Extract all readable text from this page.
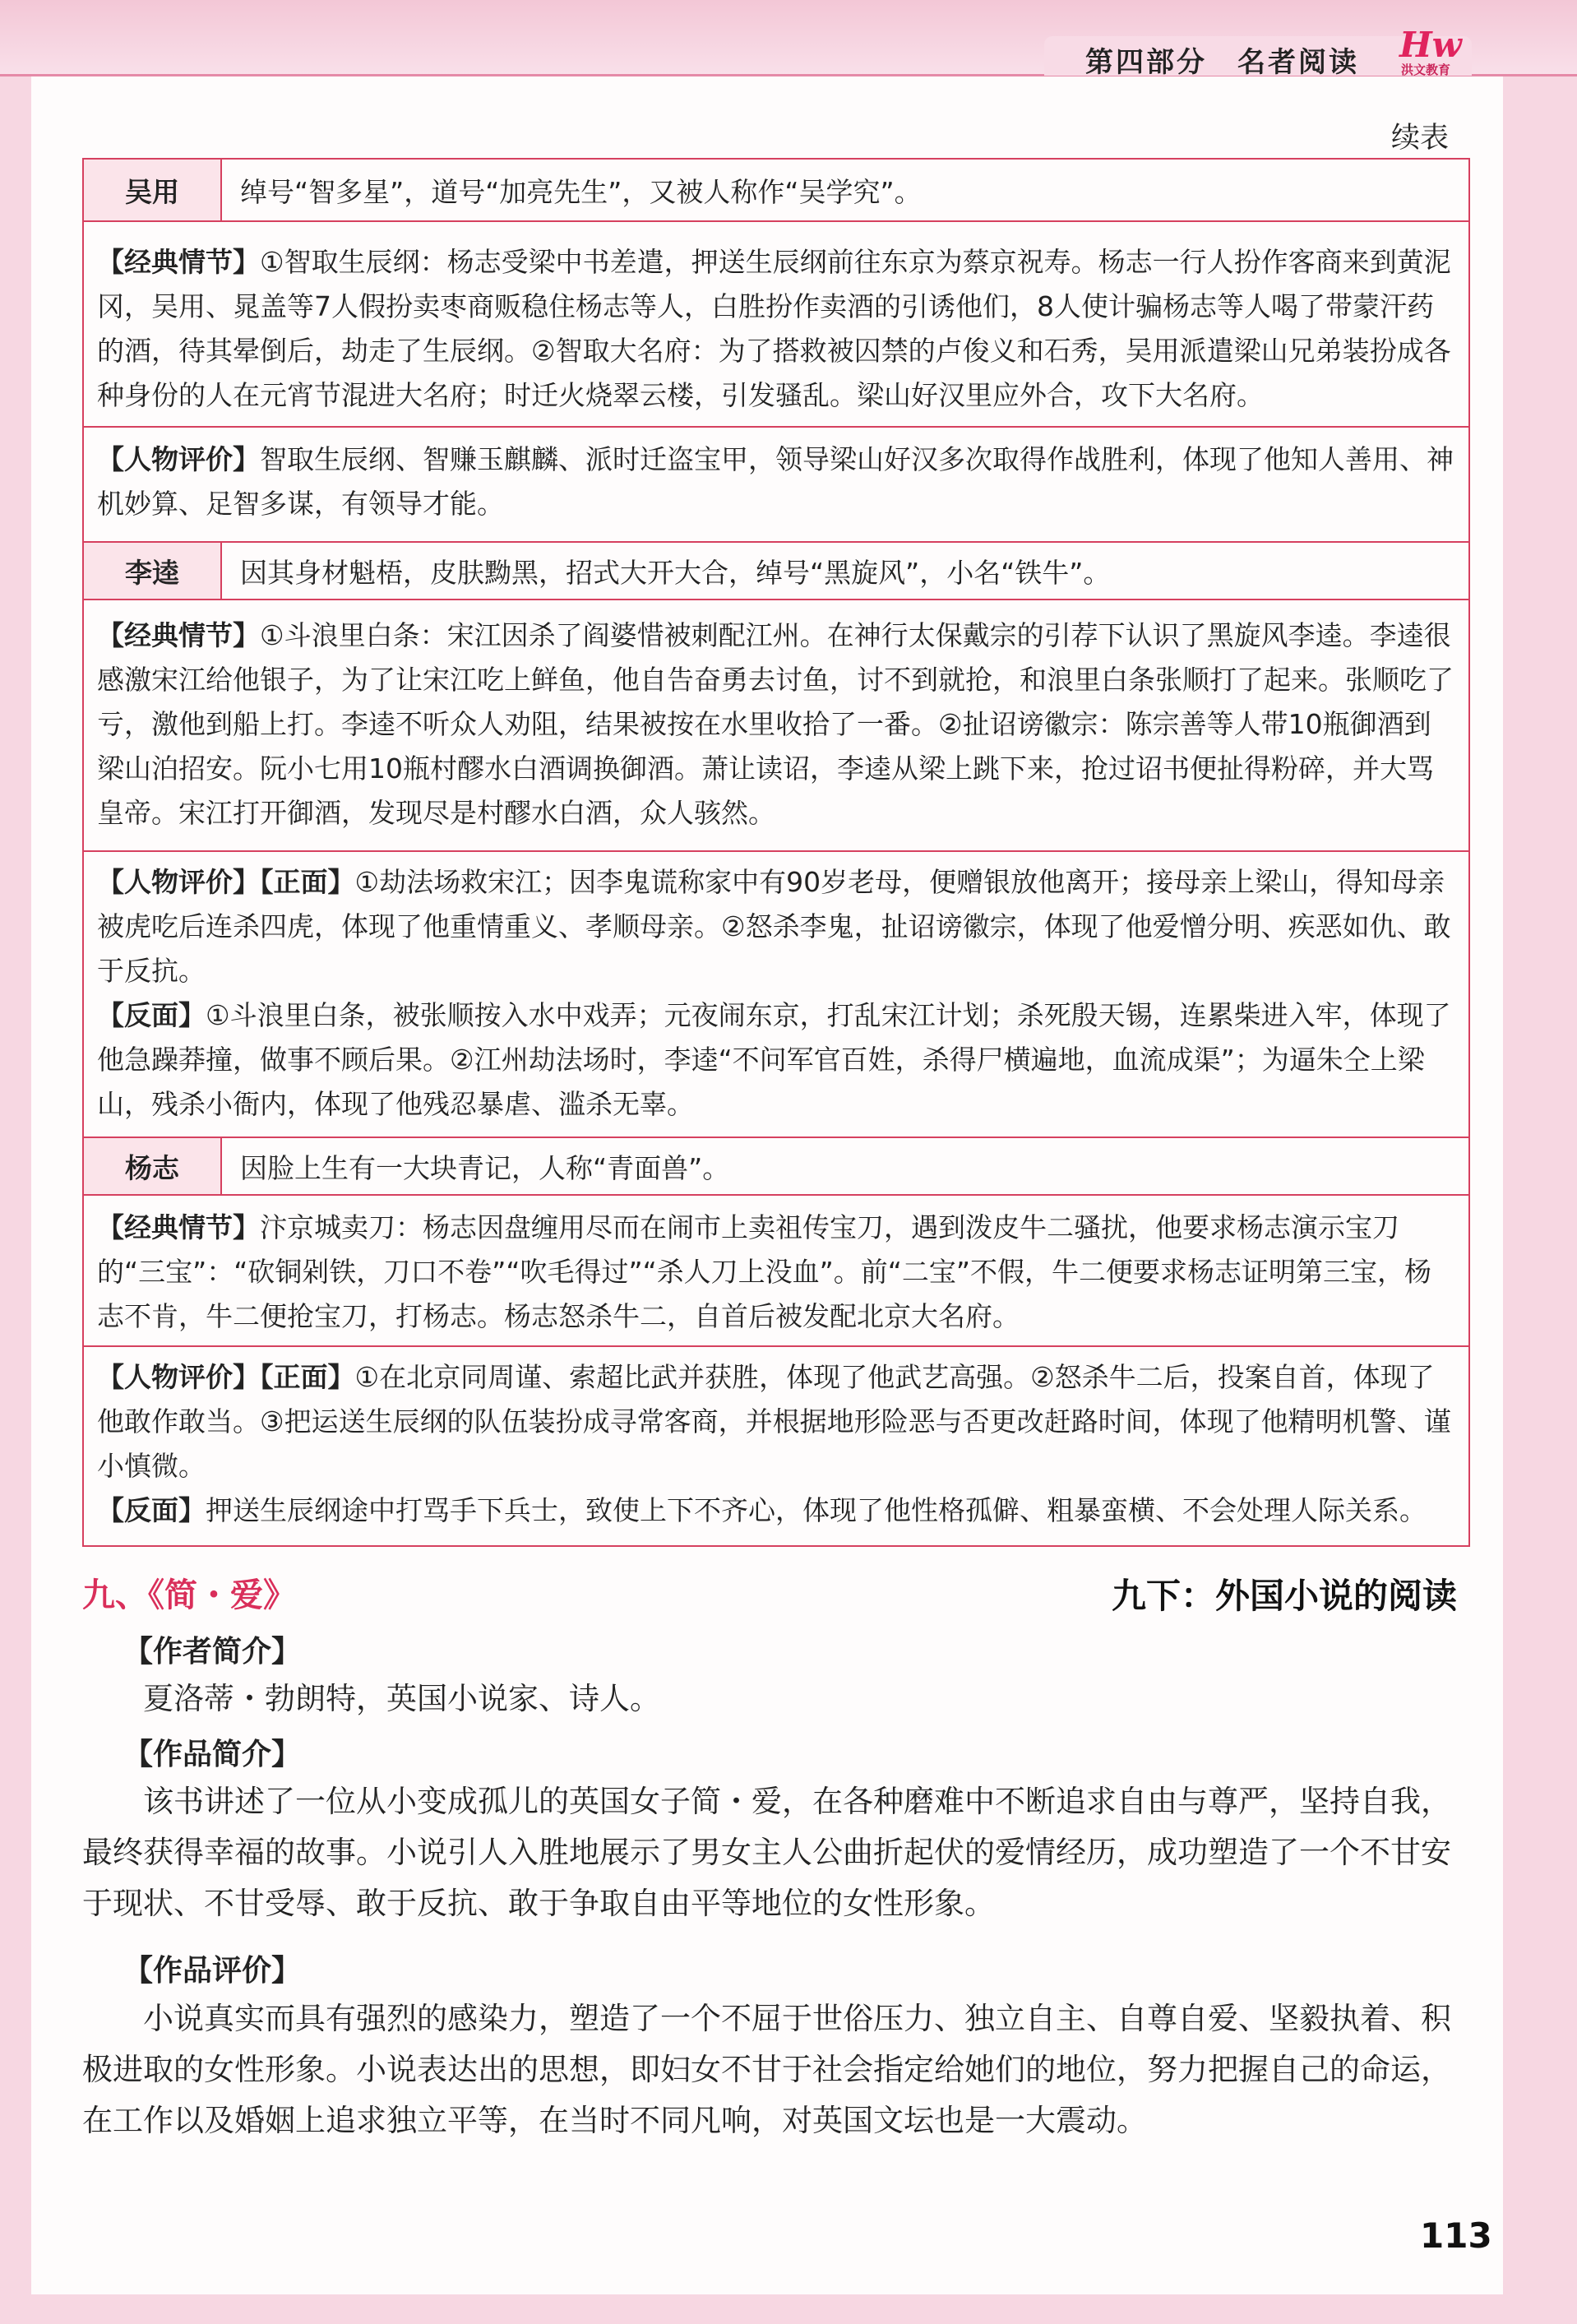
第四部分　名者阅读 Hw
洪文教育
续表
吴用	绰号“智多星”，道号“加亮先生”，又被人称作“吴学究”。
【经典情节】①智取生辰纲：杨志受梁中书差遣，押送生辰纲前往东京为蔡京祝寿。杨志一行人扮作客商来到黄泥冈，吴用、晁盖等7人假扮卖枣商贩稳住杨志等人，白胜扮作卖酒的引诱他们，8人使计骗杨志等人喝了带蒙汗药的酒，待其晕倒后，劫走了生辰纲。②智取大名府：为了搭救被囚禁的卢俊义和石秀，吴用派遣梁山兄弟装扮成各种身份的人在元宵节混进大名府；时迁火烧翠云楼，引发骚乱。梁山好汉里应外合，攻下大名府。
【人物评价】智取生辰纲、智赚玉麒麟、派时迁盗宝甲，领导梁山好汉多次取得作战胜利，体现了他知人善用、神机妙算、足智多谋，有领导才能。
李逵	因其身材魁梧，皮肤黝黑，招式大开大合，绰号“黑旋风”，小名“铁牛”。
【经典情节】①斗浪里白条：宋江因杀了阎婆惜被刺配江州。在神行太保戴宗的引荐下认识了黑旋风李逵。李逵很感激宋江给他银子，为了让宋江吃上鲜鱼，他自告奋勇去讨鱼，讨不到就抢，和浪里白条张顺打了起来。张顺吃了亏，激他到船上打。李逵不听众人劝阻，结果被按在水里收拾了一番。②扯诏谤徽宗：陈宗善等人带10瓶御酒到梁山泊招安。阮小七用10瓶村醪水白酒调换御酒。萧让读诏，李逵从梁上跳下来，抢过诏书便扯得粉碎，并大骂皇帝。宋江打开御酒，发现尽是村醪水白酒，众人骇然。
【人物评价】【正面】①劫法场救宋江；因李鬼谎称家中有90岁老母，便赠银放他离开；接母亲上梁山，得知母亲被虎吃后连杀四虎，体现了他重情重义、孝顺母亲。②怒杀李鬼，扯诏谤徽宗，体现了他爱憎分明、疾恶如仇、敢于反抗。
【反面】①斗浪里白条，被张顺按入水中戏弄；元夜闹东京，打乱宋江计划；杀死殷天锡，连累柴进入牢，体现了他急躁莽撞，做事不顾后果。②江州劫法场时，李逵“不问军官百姓，杀得尸横遍地，血流成渠”；为逼朱仝上梁山，残杀小衙内，体现了他残忍暴虐、滥杀无辜。
杨志	因脸上生有一大块青记，人称“青面兽”。
【经典情节】汴京城卖刀：杨志因盘缠用尽而在闹市上卖祖传宝刀，遇到泼皮牛二骚扰，他要求杨志演示宝刀的“三宝”：“砍铜剁铁，刀口不卷”“吹毛得过”“杀人刀上没血”。前“二宝”不假，牛二便要求杨志证明第三宝，杨志不肯，牛二便抢宝刀，打杨志。杨志怒杀牛二，自首后被发配北京大名府。
【人物评价】【正面】①在北京同周谨、索超比武并获胜，体现了他武艺高强。②怒杀牛二后，投案自首，体现了他敢作敢当。③把运送生辰纲的队伍装扮成寻常客商，并根据地形险恶与否更改赶路时间，体现了他精明机警、谨小慎微。
【反面】押送生辰纲途中打骂手下兵士，致使上下不齐心，体现了他性格孤僻、粗暴蛮横、不会处理人际关系。
九、《简・爱》	九下：外国小说的阅读
【作者简介】
夏洛蒂・勃朗特，英国小说家、诗人。
【作品简介】
该书讲述了一位从小变成孤儿的英国女子简・爱，在各种磨难中不断追求自由与尊严，坚持自我，最终获得幸福的故事。小说引人入胜地展示了男女主人公曲折起伏的爱情经历，成功塑造了一个不甘安于现状、不甘受辱、敢于反抗、敢于争取自由平等地位的女性形象。
【作品评价】
小说真实而具有强烈的感染力，塑造了一个不屈于世俗压力、独立自主、自尊自爱、坚毅执着、积极进取的女性形象。小说表达出的思想，即妇女不甘于社会指定给她们的地位，努力把握自己的命运，在工作以及婚姻上追求独立平等，在当时不同凡响，对英国文坛也是一大震动。
113
